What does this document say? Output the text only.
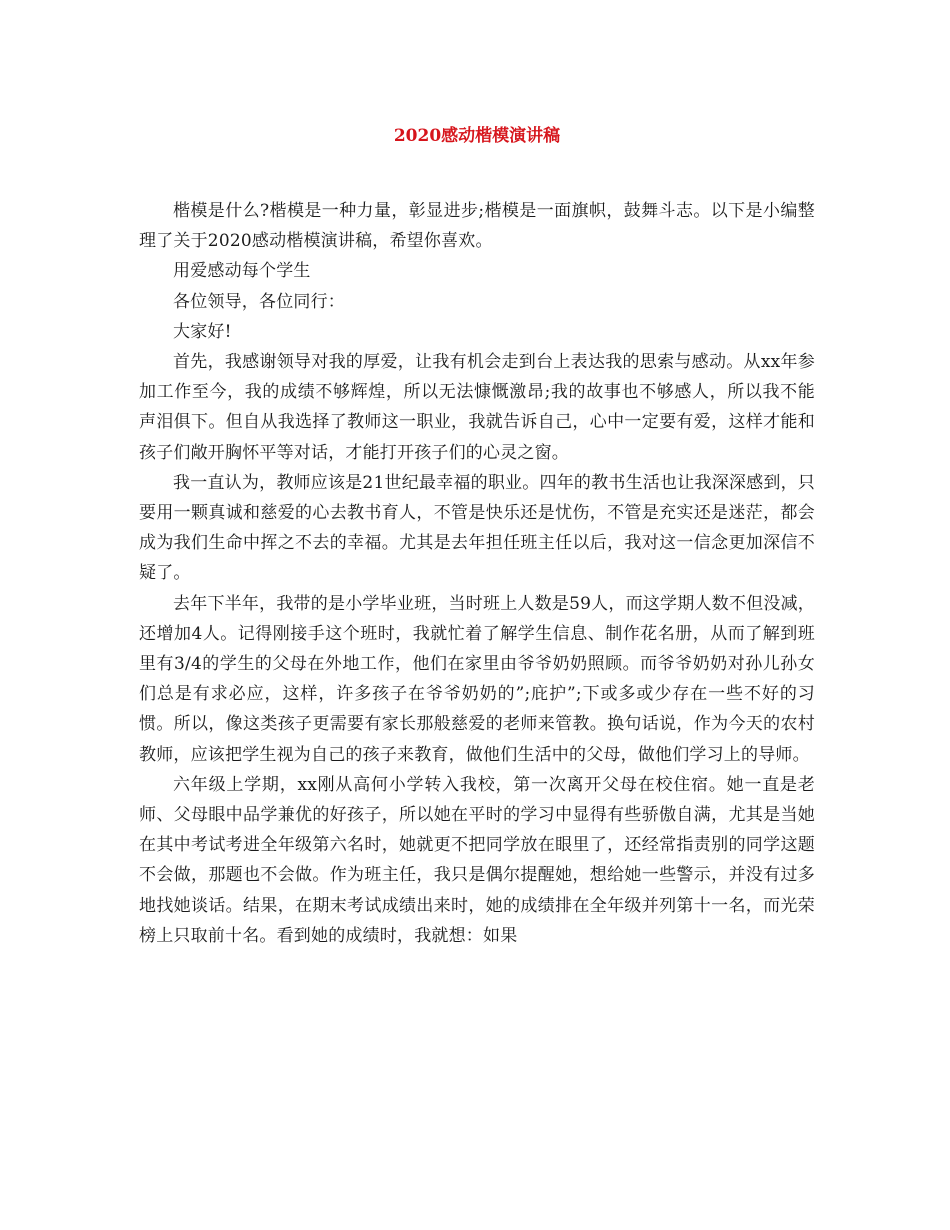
2020感动楷模演讲稿

楷模是什么?楷模是一种力量，彰显进步;楷模是一面旗帜，鼓舞斗志。以下是小编整理了关于2020感动楷模演讲稿，希望你喜欢。

用爱感动每个学生

各位领导，各位同行：

大家好!

首先，我感谢领导对我的厚爱，让我有机会走到台上表达我的思索与感动。从xx年参加工作至今，我的成绩不够辉煌，所以无法慷慨激昂;我的故事也不够感人，所以我不能声泪俱下。但自从我选择了教师这一职业，我就告诉自己，心中一定要有爱，这样才能和孩子们敞开胸怀平等对话，才能打开孩子们的心灵之窗。

我一直认为，教师应该是21世纪最幸福的职业。四年的教书生活也让我深深感到，只要用一颗真诚和慈爱的心去教书育人，不管是快乐还是忧伤，不管是充实还是迷茫，都会成为我们生命中挥之不去的幸福。尤其是去年担任班主任以后，我对这一信念更加深信不疑了。

去年下半年，我带的是小学毕业班，当时班上人数是59人，而这学期人数不但没减，还增加4人。记得刚接手这个班时，我就忙着了解学生信息、制作花名册，从而了解到班里有3/4的学生的父母在外地工作，他们在家里由爷爷奶奶照顾。而爷爷奶奶对孙儿孙女们总是有求必应，这样，许多孩子在爷爷奶奶的”;庇护”;下或多或少存在一些不好的习惯。所以，像这类孩子更需要有家长那般慈爱的老师来管教。换句话说，作为今天的农村教师，应该把学生视为自己的孩子来教育，做他们生活中的父母，做他们学习上的导师。

六年级上学期，xx刚从高何小学转入我校，第一次离开父母在校住宿。她一直是老师、父母眼中品学兼优的好孩子，所以她在平时的学习中显得有些骄傲自满，尤其是当她在其中考试考进全年级第六名时，她就更不把同学放在眼里了，还经常指责别的同学这题不会做，那题也不会做。作为班主任，我只是偶尔提醒她，想给她一些警示，并没有过多地找她谈话。结果，在期末考试成绩出来时，她的成绩排在全年级并列第十一名，而光荣榜上只取前十名。看到她的成绩时，我就想：如果
